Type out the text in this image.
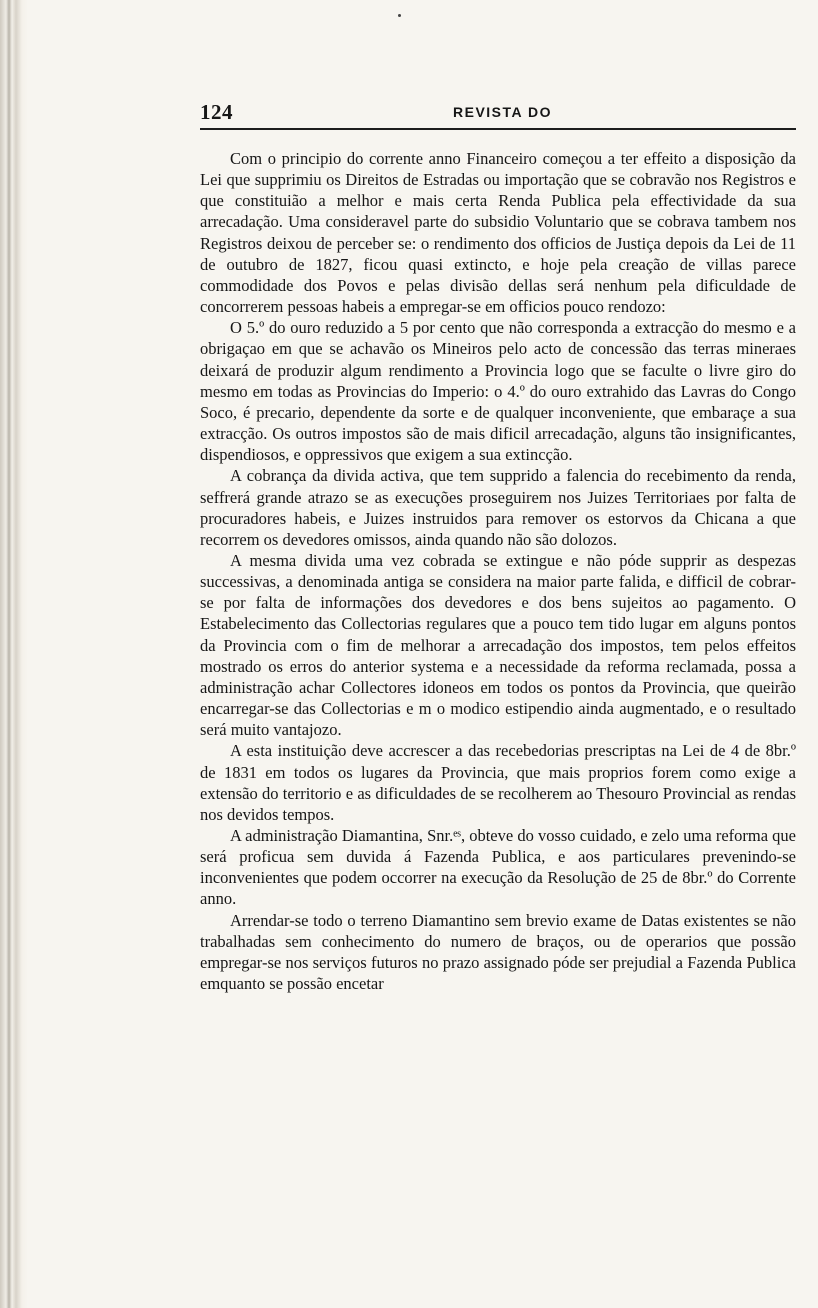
124	REVISTA DO

Com o principio do corrente anno Financeiro começou a ter effeito a disposição da Lei que supprimiu os Direitos de Estradas ou importação que se cobravão nos Registros e que constituião a melhor e mais certa Renda Publica pela effectividade da sua arrecadação. Uma consideravel parte do subsidio Voluntario que se cobrava tambem nos Registros deixou de perceber se: o rendimento dos officios de Justiça depois da Lei de 11 de outubro de 1827, ficou quasi extincto, e hoje pela creação de villas parece commodidade dos Povos e pelas divisão dellas será nenhum pela dificuldade de concorrerem pessoas habeis a empregar-se em officios pouco rendozo:

O 5.º do ouro reduzido a 5 por cento que não corresponda a extracção do mesmo e a obrigaçao em que se achavão os Mineiros pelo acto de concessão das terras mineraes deixará de produzir algum rendimento a Provincia logo que se faculte o livre giro do mesmo em todas as Provincias do Imperio: o 4.º do ouro extrahido das Lavras do Congo Soco, é precario, dependente da sorte e de qualquer inconveniente, que embaraçe a sua extracção. Os outros impostos são de mais dificil arrecadação, alguns tão insignificantes, dispendiosos, e oppressivos que exigem a sua extincção.

A cobrança da divida activa, que tem supprido a falencia do recebimento da renda, seffrerá grande atrazo se as execuções proseguirem nos Juizes Territoriaes por falta de procuradores habeis, e Juizes instruidos para remover os estorvos da Chicana a que recorrem os devedores omissos, ainda quando não são dolozos.

A mesma divida uma vez cobrada se extingue e não póde supprir as despezas successivas, a denominada antiga se considera na maior parte falida, e difficil de cobrar-se por falta de informações dos devedores e dos bens sujeitos ao pagamento. O Estabelecimento das Collectorias regulares que a pouco tem tido lugar em alguns pontos da Provincia com o fim de melhorar a arrecadação dos impostos, tem pelos effeitos mostrado os erros do anterior systema e a necessidade da reforma reclamada, possa a administração achar Collectores idoneos em todos os pontos da Provincia, que queirão encarregar-se das Collectorias e m o modico estipendio ainda augmentado, e o resultado será muito vantajozo.

A esta instituição deve accrescer a das recebedorias prescriptas na Lei de 4 de 8br.º de 1831 em todos os lugares da Provincia, que mais proprios forem como exige a extensão do territorio e as dificuldades de se recolherem ao Thesouro Provincial as rendas nos devidos tempos.

A administração Diamantina, Snr.ᵉˢ, obteve do vosso cuidado, e zelo uma reforma que será proficua sem duvida á Fazenda Publica, e aos particulares prevenindo-se inconvenientes que podem occorrer na execução da Resolução de 25 de 8br.º do Corrente anno.

Arrendar-se todo o terreno Diamantino sem brevio exame de Datas existentes se não trabalhadas sem conhecimento do numero de braços, ou de operarios que possão empregar-se nos serviços futuros no prazo assignado póde ser prejudial a Fazenda Publica emquanto se possão encetar
